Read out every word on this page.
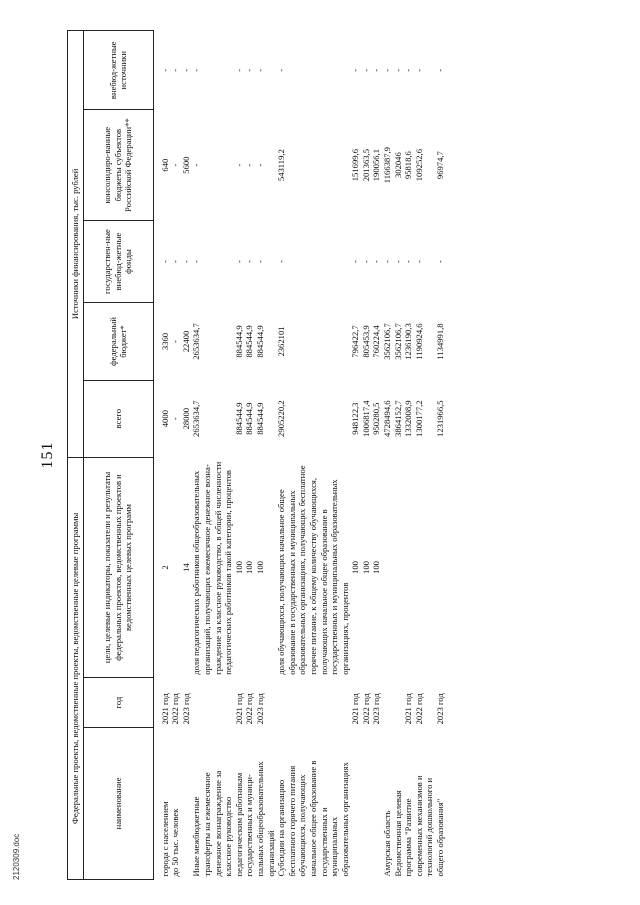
151
Федеральные проекты, ведомственные проекты, ведомственные целевые программы			Источники финансирования, тыс. рублей				
наименование	год	цели, целевые индикаторы, показатели и результаты федеральных проектов, ведомственных проектов и ведомственных целевых программ	всего	федеральный бюджет*	государствен-ные внебюд-жетные фонды	консолидиро-ванные бюджеты субъектов Российской Федерации**	внебюд-жетные источники
города с населением	2021 год	2	4000	3360	-	640	-
до 50 тыс. человек	2022 год		-	-	-	-	-
	2023 год	14	28000	22400	-	5600	-
Иные межбюджетные		доля педагогических работников общеобразовательных	2653634,7	2653634,7	-	-	-
трансферты на ежемесячное		организаций, получающих ежемесячное денежное возна-					
денежное вознаграждение за		граждение за классное руководство, в общей численности					
классное руководство		педагогических работников такой категории, процентов					
педагогическим работникам	2021 год	100	884544,9	884544,9	-	-	-
государственных и муници-	2022 год	100	884544,9	884544,9	-	-	-
пальных общеобразовательных	2023 год	100	884544,9	884544,9	-	-	-
организаций							
Субсидии на организацию		доля обучающихся, получающих начальное общее	2905220,2	2362101	-	543119,2	-
бесплатного горячего питания		образование в государственных и муниципальных					
обучающихся, получающих		образовательных организациях, получающих бесплатное					
начальное общее образование в		горячее питание, к общему количеству обучающихся,					
государственных и		получающих начальное общее образование в					
муниципальных		государственных и муниципальных образовательных					
образовательных организациях		организациях, процентов					
	2021 год	100	948122,3	796422,7	-	151699,6	-
	2022 год	100	1006817,4	805453,9	-	201363,5	-
	2023 год	100	950280,5	760224,4	-	190056,1	-
Амурская область			4728494,6	3562106,7	-	1166387,9	-
Ведомственная целевая			3864152,7	3562106,7	-	302046	-
программа "Развитие	2021 год		1332008,9	1236190,3	-	95818,6	-
современных механизмов и	2022 год		1300177,2	1190924,6	-	109252,6	-
технологий дошкольного и							
общего образования"	2023 год		1231966,5	1134991,8	-	96974,7	-
2120309.doc
